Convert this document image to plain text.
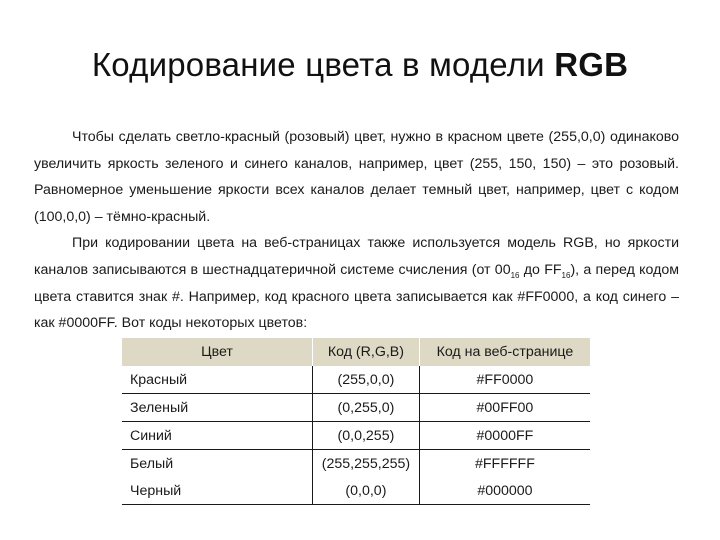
Кодирование цвета в модели RGB

Чтобы сделать светло-красный (розовый) цвет, нужно в красном цвете (255,0,0) одинаково увеличить яркость зеленого и синего каналов, например, цвет (255, 150, 150) – это розовый. Равномерное уменьшение яркости всех каналов делает темный цвет, например, цвет с кодом (100,0,0) – тёмно-красный.

При кодировании цвета на веб-страницах также используется модель RGB, но яркости каналов записываются в шестнадцатеричной системе счисления (от $00_{16}$ до $FF_{16}$), а перед кодом цвета ставится знак #. Например, код красного цвета записывается как #FF0000, а код синего – как #0000FF. Вот коды некоторых цветов:

Цвет	Код (R,G,B)	Код на веб-странице
Красный	(255,0,0)	#FF0000
Зеленый	(0,255,0)	#00FF00
Синий	(0,0,255)	#0000FF
Белый	(255,255,255)	#FFFFFF
Черный	(0,0,0)	#000000
